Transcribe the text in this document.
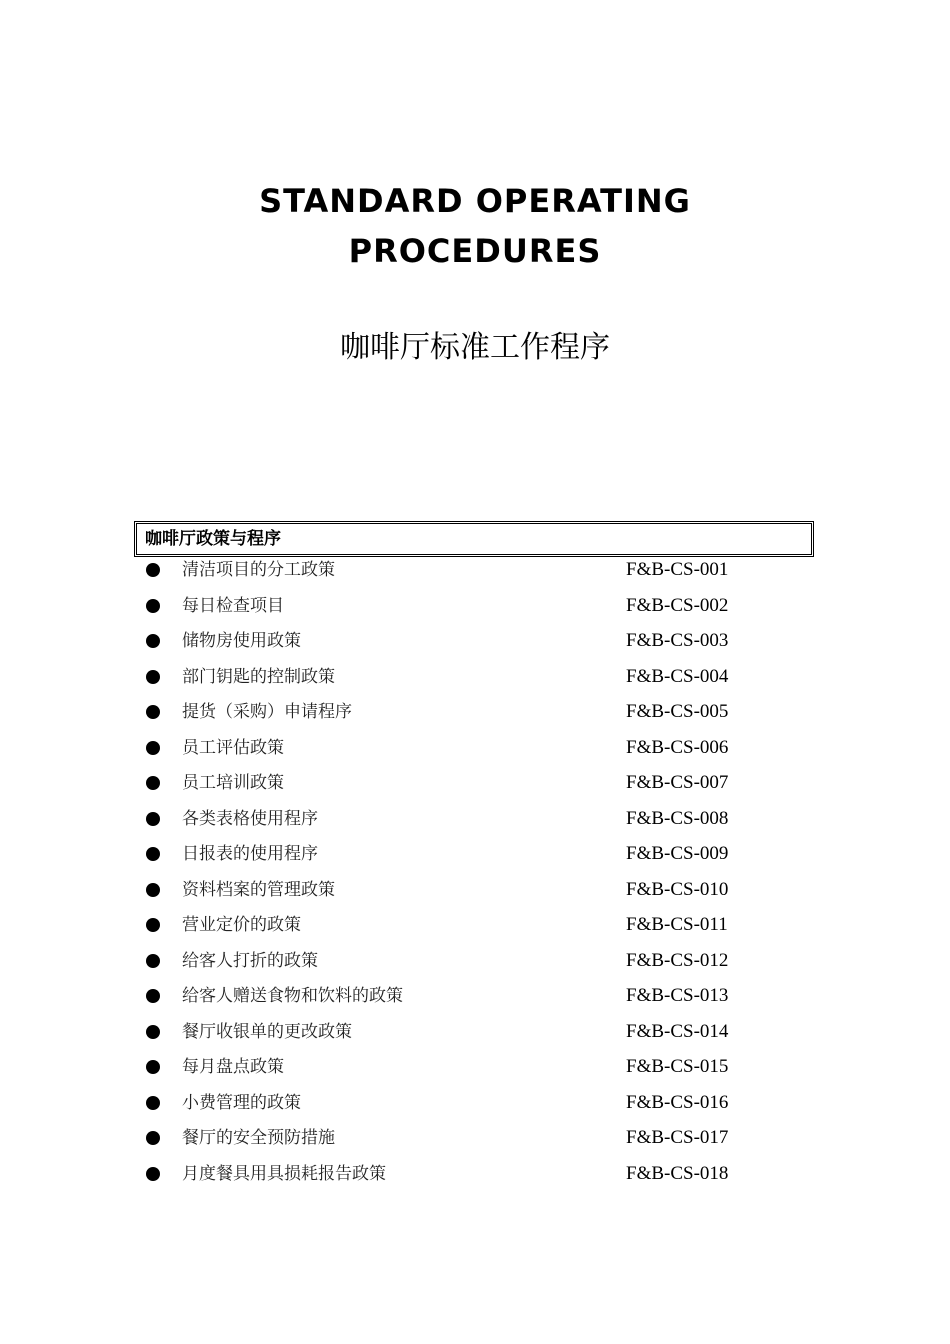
STANDARD OPERATING
PROCEDURES
咖啡厅标准工作程序
咖啡厅政策与程序
清洁项目的分工政策	F&B-CS-001
每日检查项目	F&B-CS-002
储物房使用政策	F&B-CS-003
部门钥匙的控制政策	F&B-CS-004
提货（采购）申请程序	F&B-CS-005
员工评估政策	F&B-CS-006
员工培训政策	F&B-CS-007
各类表格使用程序	F&B-CS-008
日报表的使用程序	F&B-CS-009
资料档案的管理政策	F&B-CS-010
营业定价的政策	F&B-CS-011
给客人打折的政策	F&B-CS-012
给客人赠送食物和饮料的政策	F&B-CS-013
餐厅收银单的更改政策	F&B-CS-014
每月盘点政策	F&B-CS-015
小费管理的政策	F&B-CS-016
餐厅的安全预防措施	F&B-CS-017
月度餐具用具损耗报告政策	F&B-CS-018
